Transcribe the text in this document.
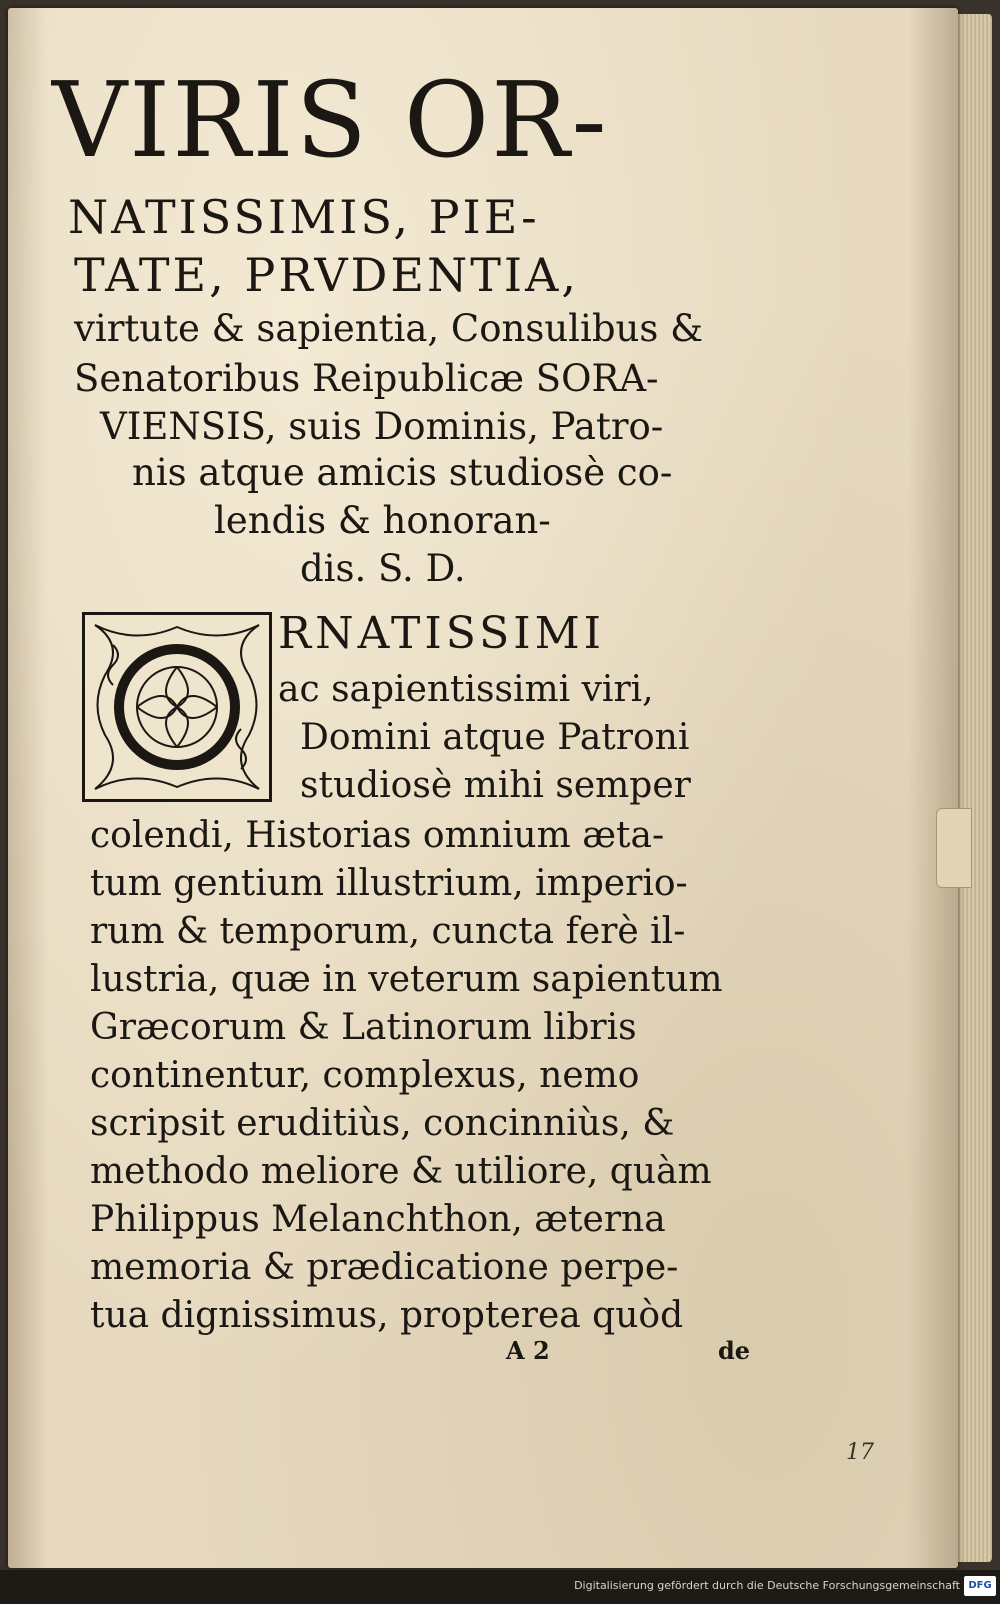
VIRIS OR-
NATISSIMIS, PIE-
TATE, PRVDENTIA,
virtute & sapientia, Consulibus &
Senatoribus Reipublicæ SORA-
VIENSIS, suis Dominis, Patro-
nis atque amicis studiosè co-
lendis & honoran-
dis. S. D.
RNATISSIMI
ac sapientissimi viri,
Domini atque Patroni
studiosè mihi semper
colendi, Historias omnium æta-
tum gentium illustrium, imperio-
rum & temporum, cuncta ferè il-
lustria, quæ in veterum sapientum
Græcorum & Latinorum libris
continentur, complexus, nemo
scripsit eruditiùs, concinniùs, &
methodo meliore & utiliore, quàm
Philippus Melanchthon, æterna
memoria & prædicatione perpe-
tua dignissimus, propterea quòd
A 2	de
17
Digitalisierung gefördert durch die Deutsche Forschungsgemeinschaft DFG
